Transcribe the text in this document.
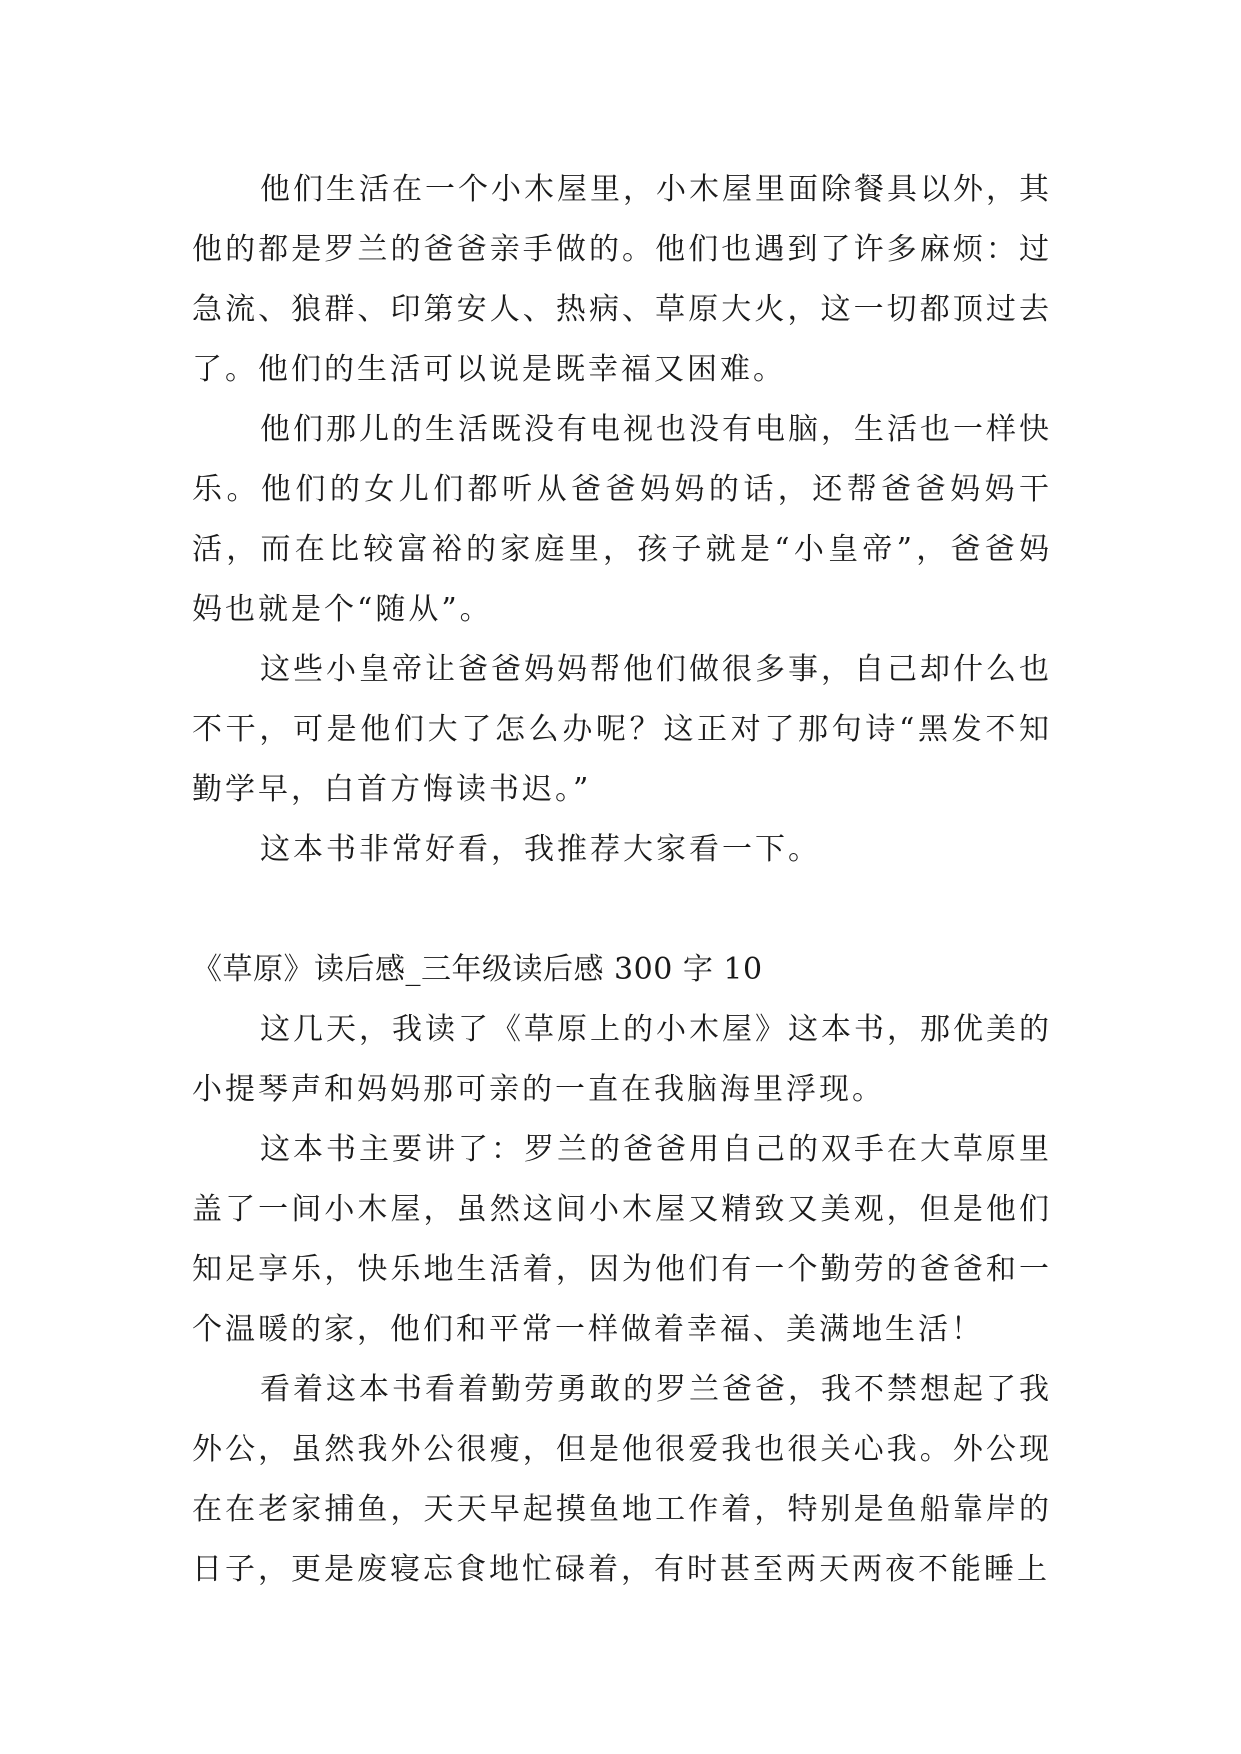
他们生活在一个小木屋里，小木屋里面除餐具以外，其他的都是罗兰的爸爸亲手做的。他们也遇到了许多麻烦：过急流、狼群、印第安人、热病、草原大火，这一切都顶过去了。他们的生活可以说是既幸福又困难。

他们那儿的生活既没有电视也没有电脑，生活也一样快乐。他们的女儿们都听从爸爸妈妈的话，还帮爸爸妈妈干活，而在比较富裕的家庭里，孩子就是“小皇帝”，爸爸妈妈也就是个“随从”。

这些小皇帝让爸爸妈妈帮他们做很多事，自己却什么也不干，可是他们大了怎么办呢？这正对了那句诗“黑发不知勤学早，白首方悔读书迟。”

这本书非常好看，我推荐大家看一下。

《草原》读后感_三年级读后感 300 字 10

这几天，我读了《草原上的小木屋》这本书，那优美的小提琴声和妈妈那可亲的一直在我脑海里浮现。

这本书主要讲了：罗兰的爸爸用自己的双手在大草原里盖了一间小木屋，虽然这间小木屋又精致又美观，但是他们知足享乐，快乐地生活着，因为他们有一个勤劳的爸爸和一个温暖的家，他们和平常一样做着幸福、美满地生活！

看着这本书看着勤劳勇敢的罗兰爸爸，我不禁想起了我外公，虽然我外公很瘦，但是他很爱我也很关心我。外公现在在老家捕鱼，天天早起摸鱼地工作着，特别是鱼船靠岸的日子，更是废寝忘食地忙碌着，有时甚至两天两夜不能睡上
